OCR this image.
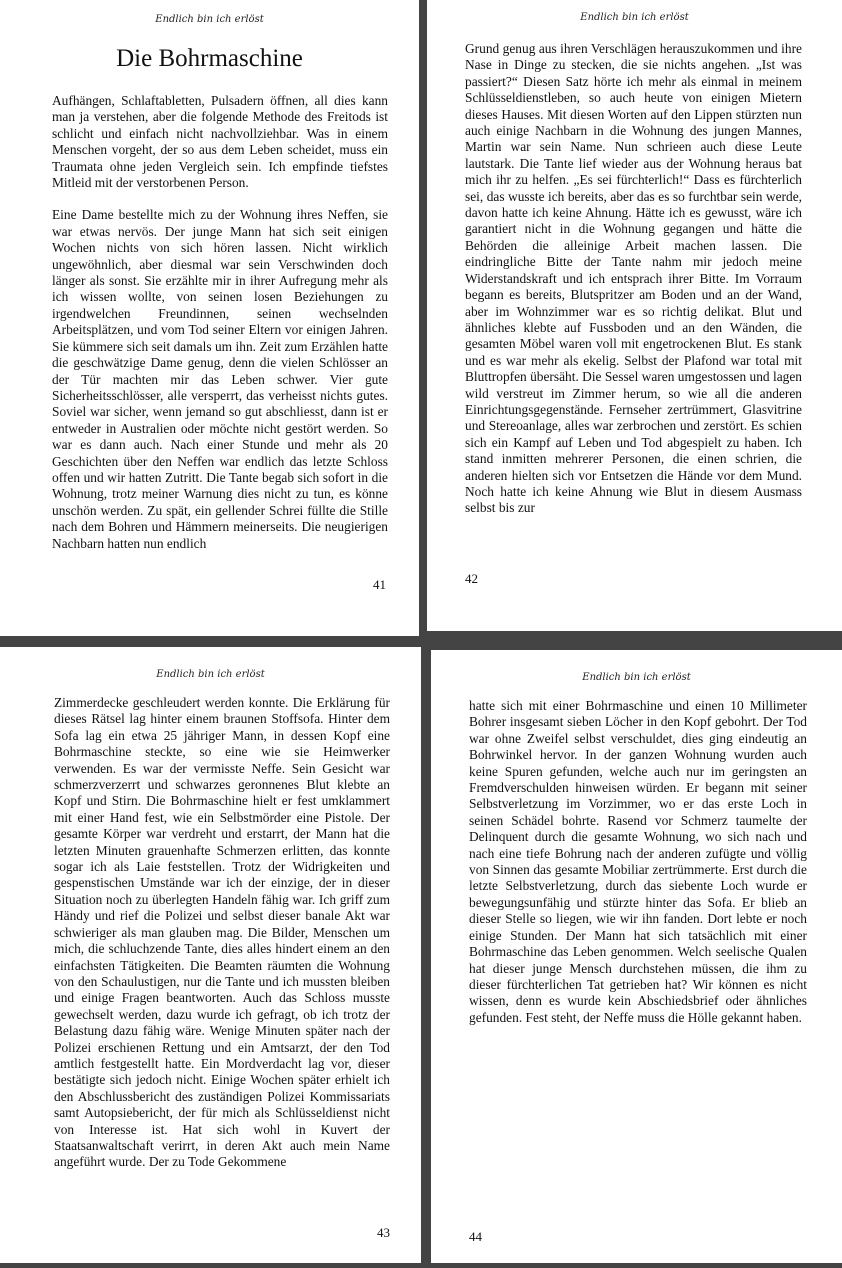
Endlich bin ich erlöst
Die Bohrmaschine

Aufhängen, Schlaftabletten, Pulsadern öffnen, all dies kann man ja verstehen, aber die folgende Methode des Freitods ist schlicht und einfach nicht nachvollziehbar. Was in einem Menschen vorgeht, der so aus dem Leben scheidet, muss ein Traumata ohne jeden Vergleich sein. Ich empfinde tiefstes Mitleid mit der verstorbenen Person.

Eine Dame bestellte mich zu der Wohnung ihres Neffen, sie war etwas nervös. Der junge Mann hat sich seit einigen Wochen nichts von sich hören lassen. Nicht wirklich ungewöhnlich, aber diesmal war sein Verschwinden doch länger als sonst. Sie erzählte mir in ihrer Aufregung mehr als ich wissen wollte, von seinen losen Beziehungen zu irgendwelchen Freundinnen, seinen wechselnden Arbeitsplätzen, und vom Tod seiner Eltern vor einigen Jahren. Sie kümmere sich seit damals um ihn. Zeit zum Erzählen hatte die geschwätzige Dame genug, denn die vielen Schlösser an der Tür machten mir das Leben schwer. Vier gute Sicherheitsschlösser, alle versperrt, das verheisst nichts gutes. Soviel war sicher, wenn jemand so gut abschliesst, dann ist er entweder in Australien oder möchte nicht gestört werden. So war es dann auch. Nach einer Stunde und mehr als 20 Geschichten über den Neffen war endlich das letzte Schloss offen und wir hatten Zutritt. Die Tante begab sich sofort in die Wohnung, trotz meiner Warnung dies nicht zu tun, es könne unschön werden. Zu spät, ein gellender Schrei füllte die Stille nach dem Bohren und Hämmern meinerseits. Die neugierigen Nachbarn hatten nun endlich

41
Endlich bin ich erlöst

Grund genug aus ihren Verschlägen herauszukommen und ihre Nase in Dinge zu stecken, die sie nichts angehen. „Ist was passiert?“ Diesen Satz hörte ich mehr als einmal in meinem Schlüsseldienstleben, so auch heute von einigen Mietern dieses Hauses. Mit diesen Worten auf den Lippen stürzten nun auch einige Nachbarn in die Wohnung des jungen Mannes, Martin war sein Name. Nun schrieen auch diese Leute lautstark. Die Tante lief wieder aus der Wohnung heraus bat mich ihr zu helfen. „Es sei fürchterlich!“ Dass es fürchterlich sei, das wusste ich bereits, aber das es so furchtbar sein werde, davon hatte ich keine Ahnung. Hätte ich es gewusst, wäre ich garantiert nicht in die Wohnung gegangen und hätte die Behörden die alleinige Arbeit machen lassen. Die eindringliche Bitte der Tante nahm mir jedoch meine Widerstandskraft und ich entsprach ihrer Bitte. Im Vorraum begann es bereits, Blutspritzer am Boden und an der Wand, aber im Wohnzimmer war es so richtig delikat. Blut und ähnliches klebte auf Fussboden und an den Wänden, die gesamten Möbel waren voll mit engetrockenen Blut. Es stank und es war mehr als ekelig. Selbst der Plafond war total mit Bluttropfen übersäht. Die Sessel waren umgestossen und lagen wild verstreut im Zimmer herum, so wie all die anderen Einrichtungsgegenstände. Fernseher zertrümmert, Glasvitrine und Stereoanlage, alles war zerbrochen und zerstört. Es schien sich ein Kampf auf Leben und Tod abgespielt zu haben. Ich stand inmitten mehrerer Personen, die einen schrien, die anderen hielten sich vor Entsetzen die Hände vor dem Mund. Noch hatte ich keine Ahnung wie Blut in diesem Ausmass selbst bis zur

42
Endlich bin ich erlöst

Zimmerdecke geschleudert werden konnte. Die Erklärung für dieses Rätsel lag hinter einem braunen Stoffsofa. Hinter dem Sofa lag ein etwa 25 jähriger Mann, in dessen Kopf eine Bohrmaschine steckte, so eine wie sie Heimwerker verwenden. Es war der vermisste Neffe. Sein Gesicht war schmerzverzerrt und schwarzes geronnenes Blut klebte an Kopf und Stirn. Die Bohrmaschine hielt er fest umklammert mit einer Hand fest, wie ein Selbstmörder eine Pistole. Der gesamte Körper war verdreht und erstarrt, der Mann hat die letzten Minuten grauenhafte Schmerzen erlitten, das konnte sogar ich als Laie feststellen. Trotz der Widrigkeiten und gespenstischen Umstände war ich der einzige, der in dieser Situation noch zu überlegten Handeln fähig war. Ich griff zum Händy und rief die Polizei und selbst dieser banale Akt war schwieriger als man glauben mag. Die Bilder, Menschen um mich, die schluchzende Tante, dies alles hindert einem an den einfachsten Tätigkeiten. Die Beamten räumten die Wohnung von den Schaulustigen, nur die Tante und ich mussten bleiben und einige Fragen beantworten. Auch das Schloss musste gewechselt werden, dazu wurde ich gefragt, ob ich trotz der Belastung dazu fähig wäre. Wenige Minuten später nach der Polizei erschienen Rettung und ein Amtsarzt, der den Tod amtlich festgestellt hatte. Ein Mordverdacht lag vor, dieser bestätigte sich jedoch nicht. Einige Wochen später erhielt ich den Abschlussbericht des zuständigen Polizei Kommissariats samt Autopsiebericht, der für mich als Schlüsseldienst nicht von Interesse ist. Hat sich wohl in Kuvert der Staatsanwaltschaft verirrt, in deren Akt auch mein Name angeführt wurde. Der zu Tode Gekommene

43
Endlich bin ich erlöst

hatte sich mit einer Bohrmaschine und einen 10 Millimeter Bohrer insgesamt sieben Löcher in den Kopf gebohrt. Der Tod war ohne Zweifel selbst verschuldet, dies ging eindeutig an Bohrwinkel hervor. In der ganzen Wohnung wurden auch keine Spuren gefunden, welche auch nur im geringsten an Fremdverschulden hinweisen würden. Er begann mit seiner Selbstverletzung im Vorzimmer, wo er das erste Loch in seinen Schädel bohrte. Rasend vor Schmerz taumelte der Delinquent durch die gesamte Wohnung, wo sich nach und nach eine tiefe Bohrung nach der anderen zufügte und völlig von Sinnen das gesamte Mobiliar zertrümmerte. Erst durch die letzte Selbstverletzung, durch das siebente Loch wurde er bewegungsunfähig und stürzte hinter das Sofa. Er blieb an dieser Stelle so liegen, wie wir ihn fanden. Dort lebte er noch einige Stunden. Der Mann hat sich tatsächlich mit einer Bohrmaschine das Leben genommen. Welch seelische Qualen hat dieser junge Mensch durchstehen müssen, die ihm zu dieser fürchterlichen Tat getrieben hat? Wir können es nicht wissen, denn es wurde kein Abschiedsbrief oder ähnliches gefunden. Fest steht, der Neffe muss die Hölle gekannt haben.

44
